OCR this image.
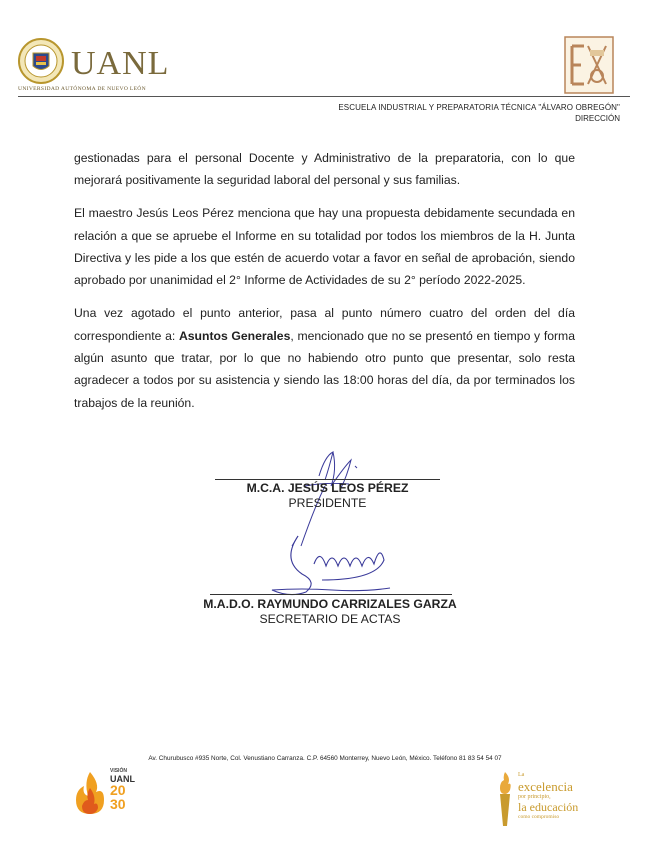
UANL
UNIVERSIDAD AUTÓNOMA DE NUEVO LEÓN
ESCUELA INDUSTRIAL Y PREPARATORIA TÉCNICA "ÁLVARO OBREGÓN"
DIRECCIÓN

gestionadas para el personal Docente y Administrativo de la preparatoria, con lo que mejorará positivamente la seguridad laboral del personal y sus familias.

El maestro Jesús Leos Pérez menciona que hay una propuesta debidamente secundada en relación a que se apruebe el Informe en su totalidad por todos los miembros de la H. Junta Directiva y les pide a los que estén de acuerdo votar a favor en señal de aprobación, siendo aprobado por unanimidad el 2° Informe de Actividades de su 2° período 2022-2025.

Una vez agotado el punto anterior, pasa al punto número cuatro del orden del día correspondiente a: Asuntos Generales, mencionado que no se presentó en tiempo y forma algún asunto que tratar, por lo que no habiendo otro punto que presentar, solo resta agradecer a todos por su asistencia y siendo las 18:00 horas del día, da por terminados los trabajos de la reunión.

M.C.A. JESÚS LEOS PÉREZ
PRESIDENTE
M.A.D.O. RAYMUNDO CARRIZALES GARZA
SECRETARIO DE ACTAS
Av. Churubusco #935 Norte, Col. Venustiano Carranza. C.P. 64560 Monterrey, Nuevo León, México. Teléfono 81 83 54 54 07
VISIÓN
UANL
20
30
La
excelencia
por principio,
la educación
como compromiso
